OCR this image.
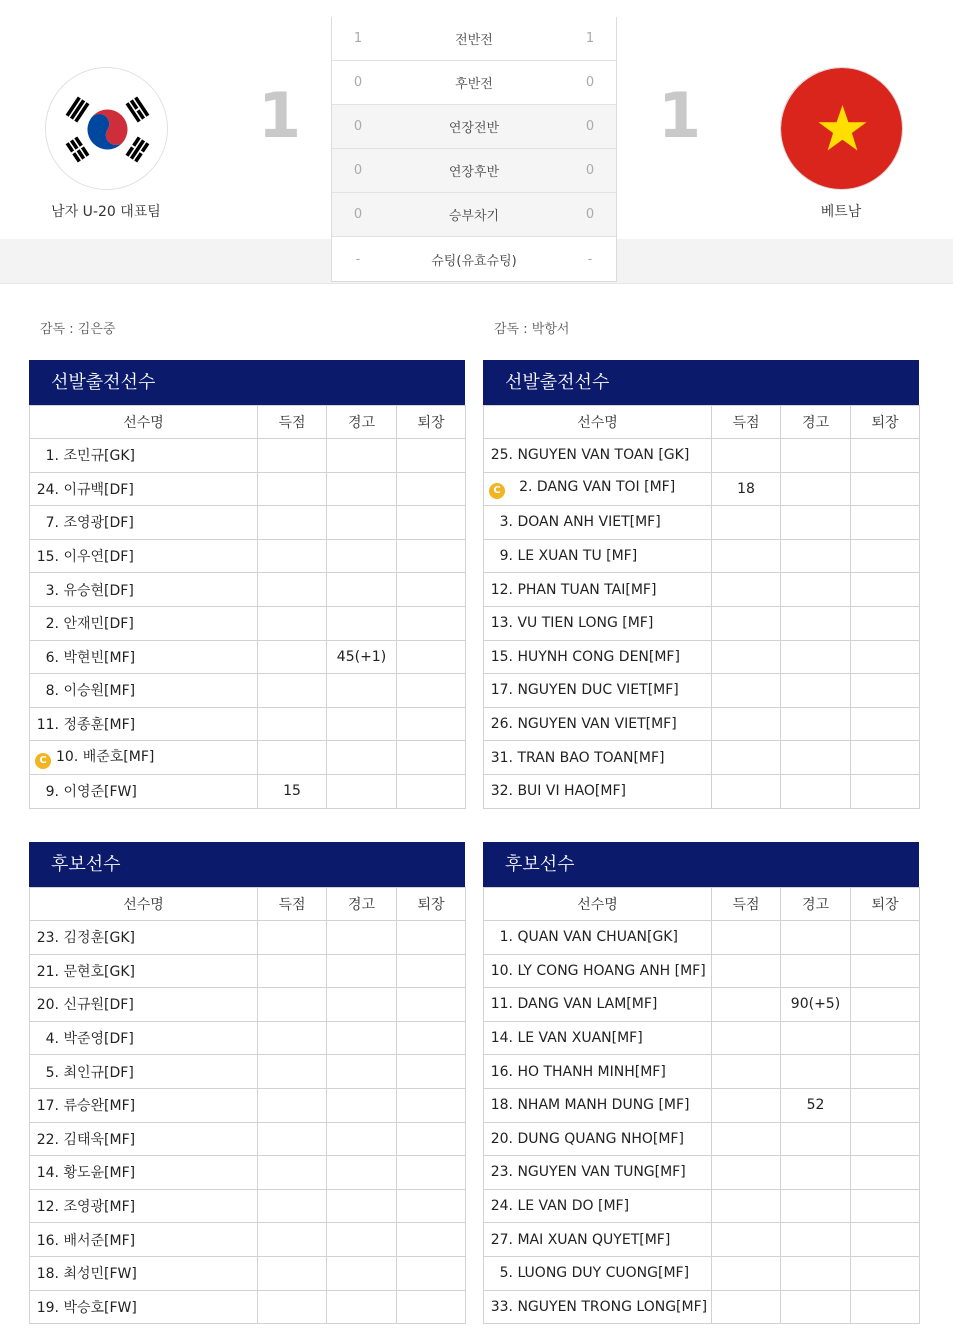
남자 U-20 대표팀
1
1	전반전	1
0	후반전	0
0	연장전반	0
0	연장후반	0
0	승부차기	0
-	슈팅(유효슈팅)	-
1
베트남
감독 : 김은중	감독 : 박항서
선발출전선수
선수명	득점	경고	퇴장
1. 조민규[GK]			
24. 이규백[DF]			
7. 조영광[DF]			
15. 이우연[DF]			
3. 유승현[DF]			
2. 안재민[DF]			
6. 박현빈[MF]		45(+1)	
8. 이승원[MF]			
11. 정종훈[MF]			
C 10. 배준호[MF]			
9. 이영준[FW]	15		
선발출전선수
선수명	득점	경고	퇴장
25. NGUYEN VAN TOAN [GK]			
C 2. DANG VAN TOI [MF]	18		
3. DOAN ANH VIET[MF]			
9. LE XUAN TU [MF]			
12. PHAN TUAN TAI[MF]			
13. VU TIEN LONG [MF]			
15. HUYNH CONG DEN[MF]			
17. NGUYEN DUC VIET[MF]			
26. NGUYEN VAN VIET[MF]			
31. TRAN BAO TOAN[MF]			
32. BUI VI HAO[MF]			
후보선수
선수명	득점	경고	퇴장
23. 김정훈[GK]			
21. 문현호[GK]			
20. 신규원[DF]			
4. 박준영[DF]			
5. 최인규[DF]			
17. 류승완[MF]			
22. 김태욱[MF]			
14. 황도윤[MF]			
12. 조영광[MF]			
16. 배서준[MF]			
18. 최성민[FW]			
19. 박승호[FW]			
후보선수
선수명	득점	경고	퇴장
1. QUAN VAN CHUAN[GK]			
10. LY CONG HOANG ANH [MF]			
11. DANG VAN LAM[MF]		90(+5)	
14. LE VAN XUAN[MF]			
16. HO THANH MINH[MF]			
18. NHAM MANH DUNG [MF]		52	
20. DUNG QUANG NHO[MF]			
23. NGUYEN VAN TUNG[MF]			
24. LE VAN DO [MF]			
27. MAI XUAN QUYET[MF]			
5. LUONG DUY CUONG[MF]			
33. NGUYEN TRONG LONG[MF]			
